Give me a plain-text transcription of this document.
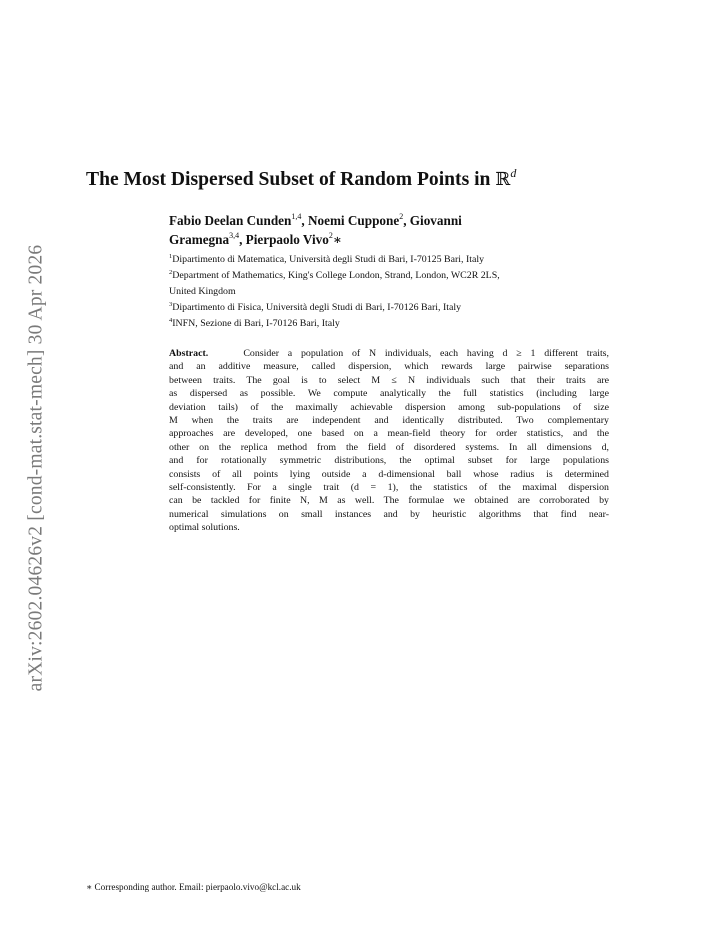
arXiv:2602.04626v2 [cond-mat.stat-mech] 30 Apr 2026
The Most Dispersed Subset of Random Points in ℝ$^d$
Fabio Deelan Cunden$^{1,4}$, Noemi Cuppone$^2$, Giovanni
Gramegna$^{3,4}$, Pierpaolo Vivo$^2$∗
$^1$Dipartimento di Matematica, Università degli Studi di Bari, I-70125 Bari, Italy
$^2$Department of Mathematics, King's College London, Strand, London, WC2R 2LS,
United Kingdom
$^3$Dipartimento di Fisica, Università degli Studi di Bari, I-70126 Bari, Italy
$^4$INFN, Sezione di Bari, I-70126 Bari, Italy
Abstract.	Consider a population of N individuals, each having d ≥ 1 different traits,
and an additive measure, called dispersion, which rewards large pairwise separations
between traits. The goal is to select M ≤ N individuals such that their traits are
as dispersed as possible. We compute analytically the full statistics (including large
deviation tails) of the maximally achievable dispersion among sub-populations of size
M when the traits are independent and identically distributed. Two complementary
approaches are developed, one based on a mean-field theory for order statistics, and the
other on the replica method from the field of disordered systems. In all dimensions d,
and for rotationally symmetric distributions, the optimal subset for large populations
consists of all points lying outside a d-dimensional ball whose radius is determined
self-consistently. For a single trait (d = 1), the statistics of the maximal dispersion
can be tackled for finite N, M as well. The formulae we obtained are corroborated by
numerical simulations on small instances and by heuristic algorithms that find near-
optimal solutions.
∗ Corresponding author. Email: pierpaolo.vivo@kcl.ac.uk
